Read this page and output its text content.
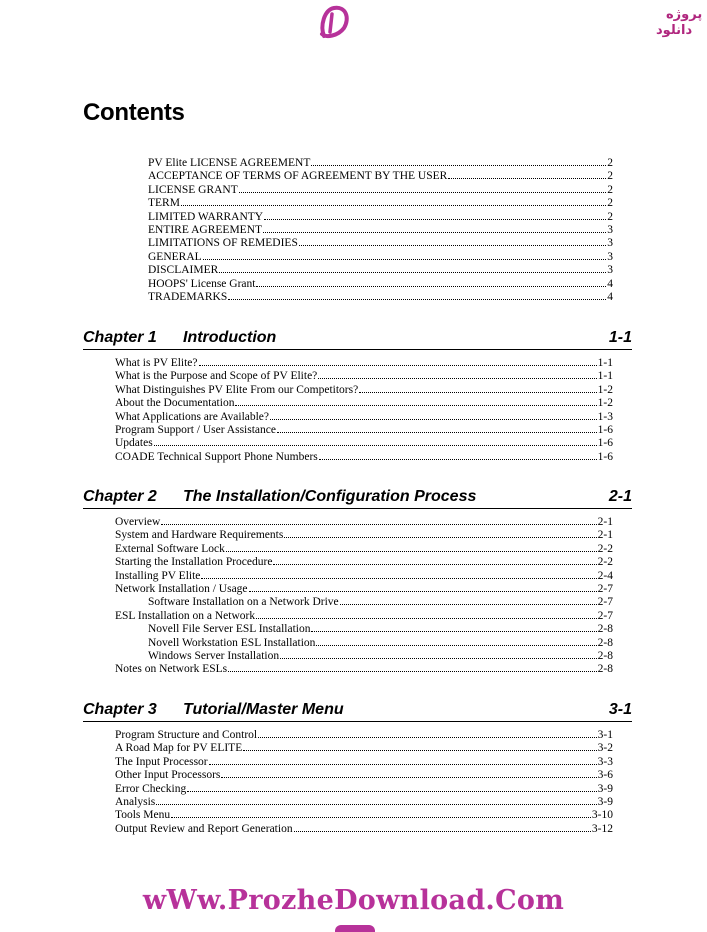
پروژه
دانلود
Contents
PV Elite LICENSE AGREEMENT	2
ACCEPTANCE OF TERMS OF AGREEMENT BY THE USER	2
LICENSE GRANT	2
TERM	2
LIMITED WARRANTY	2
ENTIRE AGREEMENT	3
LIMITATIONS OF REMEDIES	3
GENERAL	3
DISCLAIMER	3
HOOPS' License Grant	4
TRADEMARKS	4
Chapter 1 Introduction	1-1
What is PV Elite?	1-1
What is the Purpose and Scope of PV Elite?	1-1
What Distinguishes PV Elite From our Competitors?	1-2
About the Documentation	1-2
What Applications are Available?	1-3
Program Support / User Assistance	1-6
Updates	1-6
COADE Technical Support Phone Numbers	1-6
Chapter 2 The Installation/Configuration Process	2-1
Overview	2-1
System and Hardware Requirements	2-1
External Software Lock	2-2
Starting the Installation Procedure	2-2
Installing PV Elite	2-4
Network Installation / Usage	2-7
Software Installation on a Network Drive	2-7
ESL Installation on a Network	2-7
Novell File Server ESL Installation	2-8
Novell Workstation ESL Installation	2-8
Windows Server Installation	2-8
Notes on Network ESLs	2-8
Chapter 3 Tutorial/Master Menu	3-1
Program Structure and Control	3-1
A Road Map for PV ELITE	3-2
The Input Processor	3-3
Other Input Processors	3-6
Error Checking	3-9
Analysis	3-9
Tools Menu	3-10
Output Review and Report Generation	3-12
wWw.ProzheDownload.Com
